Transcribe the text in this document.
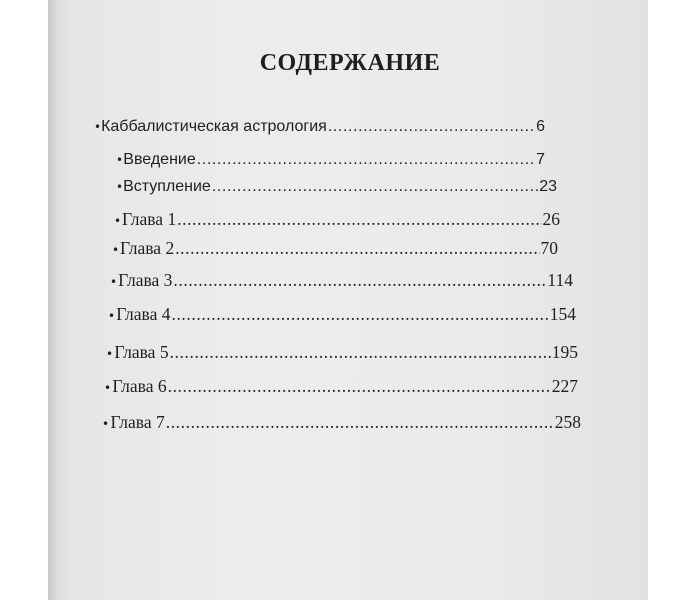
СОДЕРЖАНИЕ
• Каббалистическая астрология .....	6
• Введение .....	7
• Вступление .....	23
• Глава 1 .....	26
• Глава 2 .....	70
• Глава 3 .....	114
• Глава 4 .....	154
• Глава 5 .....	195
• Глава 6 .....	227
• Глава 7 .....	258
